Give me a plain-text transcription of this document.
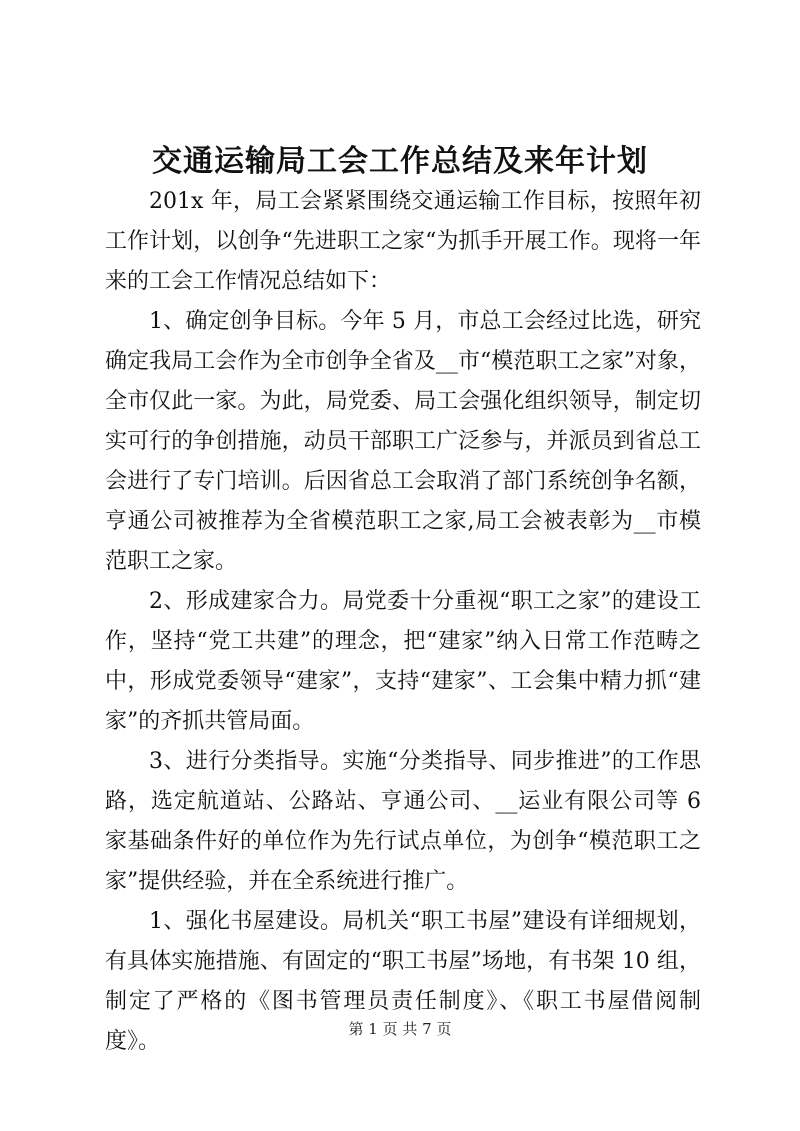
交通运输局工会工作总结及来年计划

201x 年，局工会紧紧围绕交通运输工作目标，按照年初工作计划，以创争“先进职工之家“为抓手开展工作。现将一年来的工会工作情况总结如下：

1、确定创争目标。今年 5 月，市总工会经过比选，研究确定我局工会作为全市创争全省及__市“模范职工之家”对象，全市仅此一家。为此，局党委、局工会强化组织领导，制定切实可行的争创措施，动员干部职工广泛参与，并派员到省总工会进行了专门培训。后因省总工会取消了部门系统创争名额，亨通公司被推荐为全省模范职工之家,局工会被表彰为__市模范职工之家。

2、形成建家合力。局党委十分重视“职工之家”的建设工作，坚持“党工共建”的理念，把“建家”纳入日常工作范畴之中，形成党委领导“建家”，支持“建家”、工会集中精力抓“建家”的齐抓共管局面。

3、进行分类指导。实施“分类指导、同步推进”的工作思路，选定航道站、公路站、亨通公司、__运业有限公司等 6 家基础条件好的单位作为先行试点单位，为创争“模范职工之家”提供经验，并在全系统进行推广。

1、强化书屋建设。局机关“职工书屋”建设有详细规划，有具体实施措施、有固定的“职工书屋”场地，有书架 10 组，制定了严格的《图书管理员责任制度》、《职工书屋借阅制度》。	第 1 页 共 7 页
